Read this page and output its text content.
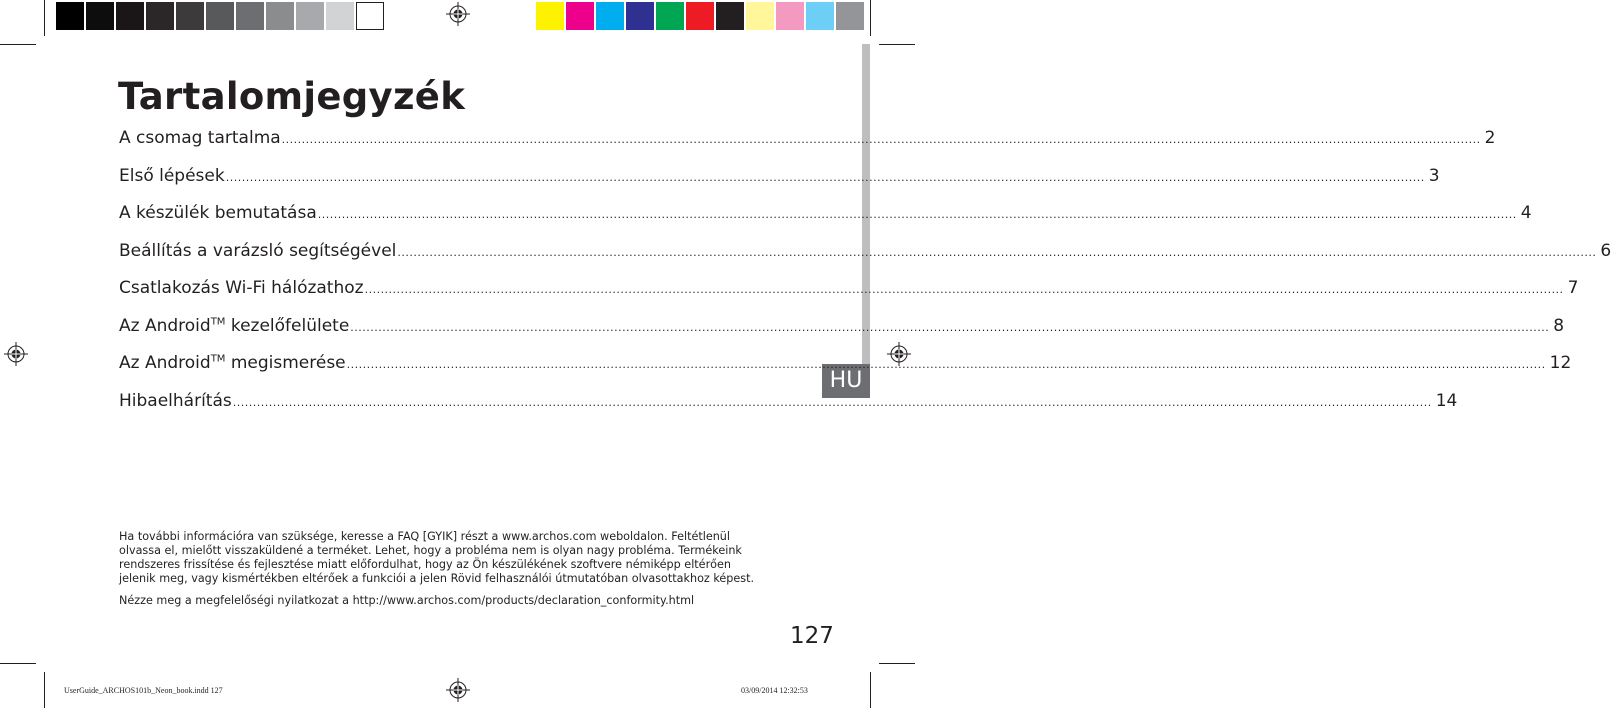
HU
Tartalomjegyzék
A csomag tartalma ............................................................................................................................................................................................................................................................................................................ 2
Első lépések ............................................................................................................................................................................................................................................................................................................ 3
A készülék bemutatása ............................................................................................................................................................................................................................................................................................................ 4
Beállítás a varázsló segítségével ............................................................................................................................................................................................................................................................................................................ 6
Csatlakozás Wi-Fi hálózathoz ............................................................................................................................................................................................................................................................................................................ 7
Az Android™ kezelőfelülete ............................................................................................................................................................................................................................................................................................................ 8
Az Android™ megismerése ............................................................................................................................................................................................................................................................................................................ 12
Hibaelhárítás ............................................................................................................................................................................................................................................................................................................ 14
Ha további információra van szüksége, keresse a FAQ [GYIK] részt a www.archos.com weboldalon. Feltétlenül
olvassa el, mielőtt visszaküldené a terméket. Lehet, hogy a probléma nem is olyan nagy probléma. Termékeink
rendszeres frissítése és fejlesztése miatt előfordulhat, hogy az Ön készülékének szoftvere némiképp eltérően
jelenik meg, vagy kismértékben eltérőek a funkciói a jelen Rövid felhasználói útmutatóban olvasottakhoz képest.
Nézze meg a megfelelőségi nyilatkozat a http://www.archos.com/products/declaration_conformity.html
127
UserGuide_ARCHOS101b_Neon_book.indd 127	03/09/2014 12:32:53
